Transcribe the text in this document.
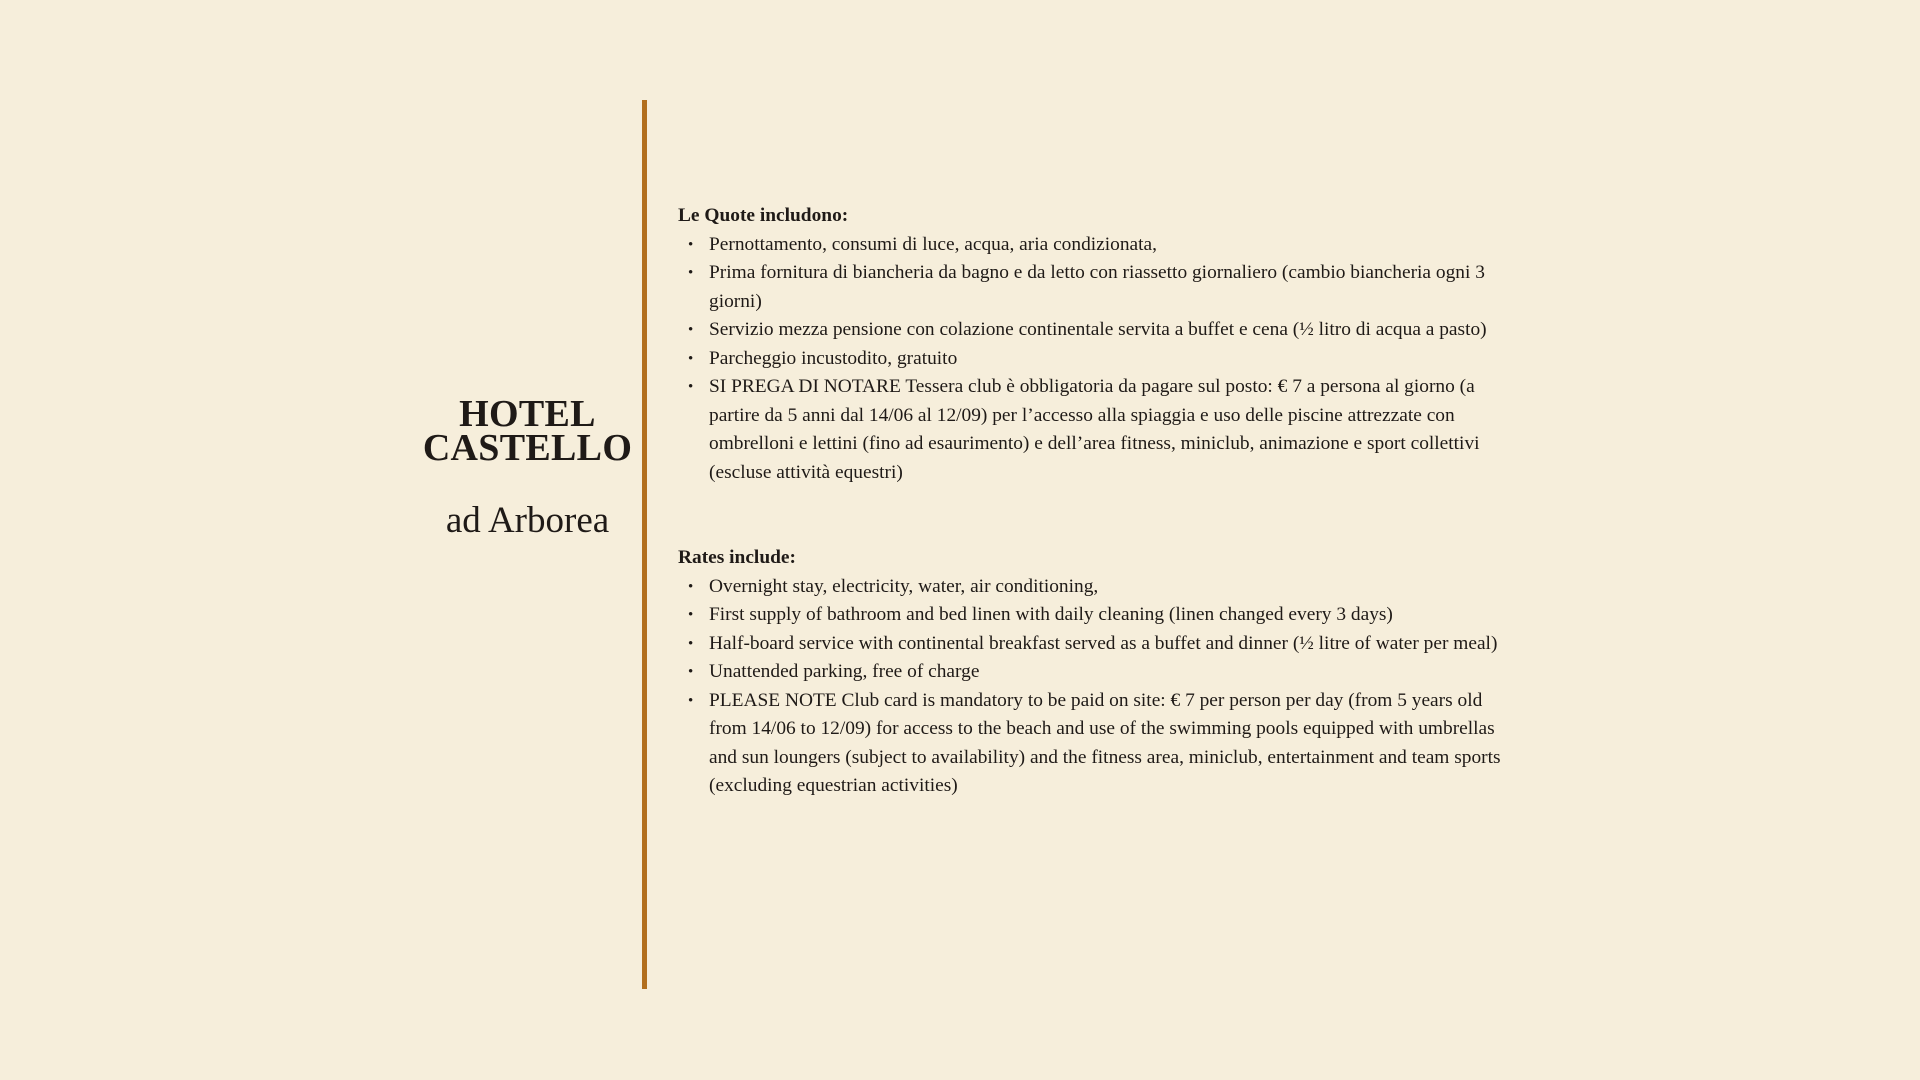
HOTEL
CASTELLO

ad Arborea

Le Quote includono:

• Pernottamento, consumi di luce, acqua, aria condizionata,
• Prima fornitura di biancheria da bagno e da letto con riassetto giornaliero (cambio biancheria ogni 3 giorni)
• Servizio mezza pensione con colazione continentale servita a buffet e cena (½ litro di acqua a pasto)
• Parcheggio incustodito, gratuito
• SI PREGA DI NOTARE Tessera club è obbligatoria da pagare sul posto: € 7 a persona al giorno (a partire da 5 anni dal 14/06 al 12/09) per l’accesso alla spiaggia e uso delle piscine attrezzate con ombrelloni e lettini (fino ad esaurimento) e dell’area fitness, miniclub, animazione e sport collettivi (escluse attività equestri)

Rates include:

• Overnight stay, electricity, water, air conditioning,
• First supply of bathroom and bed linen with daily cleaning (linen changed every 3 days)
• Half-board service with continental breakfast served as a buffet and dinner (½ litre of water per meal)
• Unattended parking, free of charge
• PLEASE NOTE Club card is mandatory to be paid on site: € 7 per person per day (from 5 years old from 14/06 to 12/09) for access to the beach and use of the swimming pools equipped with umbrellas and sun loungers (subject to availability) and the fitness area, miniclub, entertainment and team sports (excluding equestrian activities)
